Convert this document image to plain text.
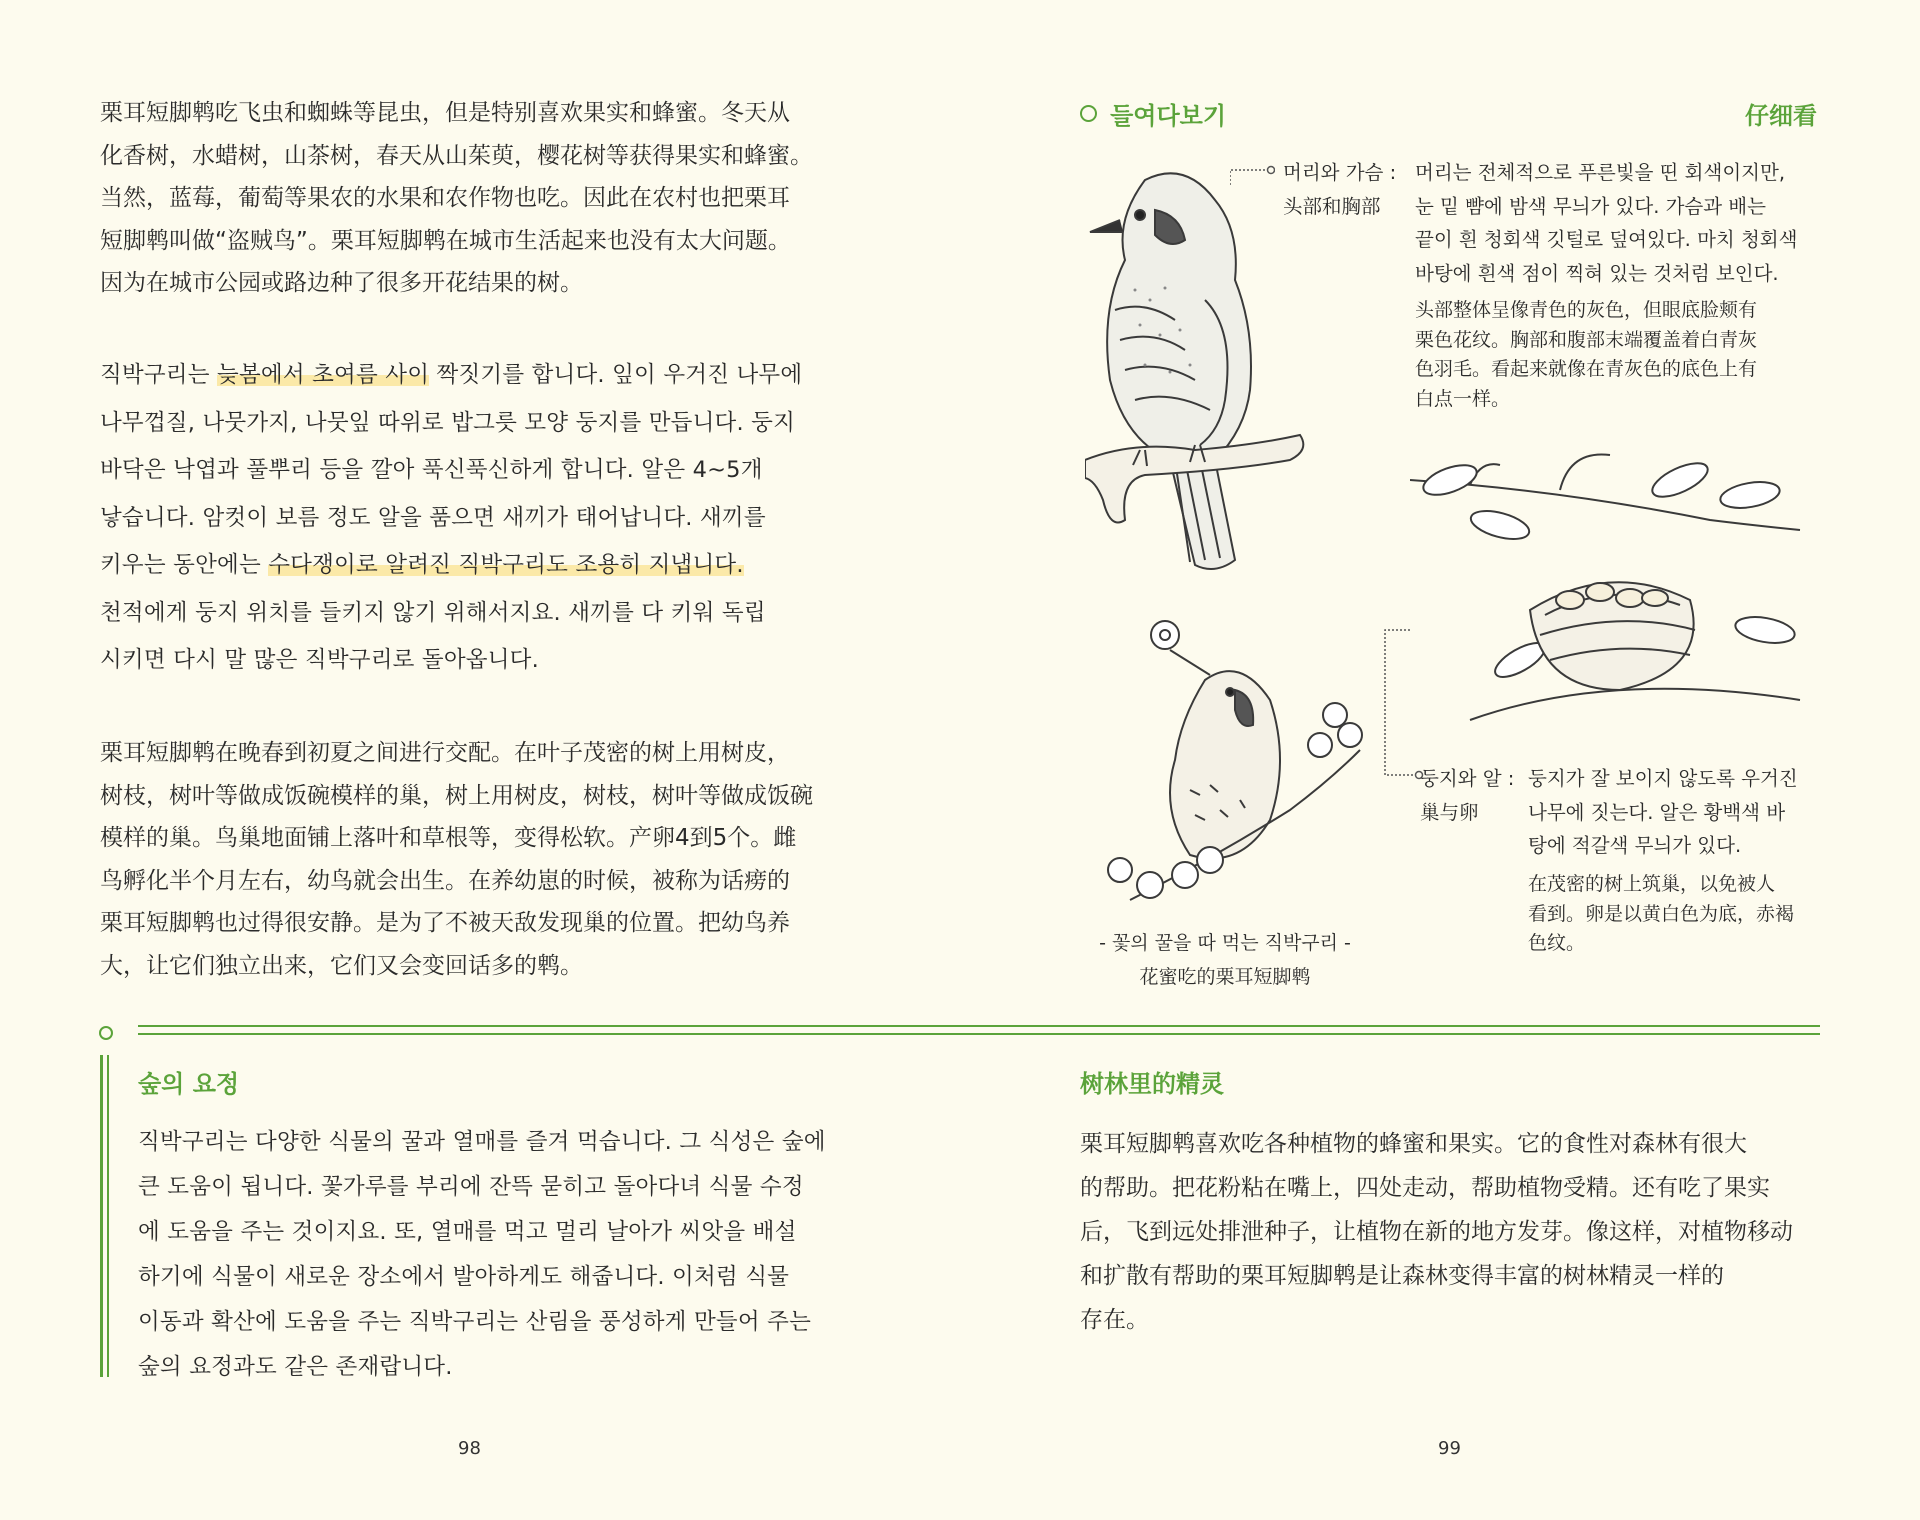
栗耳短脚鹎吃飞虫和蜘蛛等昆虫，但是特别喜欢果实和蜂蜜。冬天从

化香树，水蜡树，山茶树，春天从山茱萸，樱花树等获得果实和蜂蜜。

当然，蓝莓，葡萄等果农的水果和农作物也吃。因此在农村也把栗耳

短脚鹎叫做“盗贼鸟”。栗耳短脚鹎在城市生活起来也没有太大问题。

因为在城市公园或路边种了很多开花结果的树。

직박구리는 늦봄에서 초여름 사이 짝짓기를 합니다. 잎이 우거진 나무에

나무껍질, 나뭇가지, 나뭇잎 따위로 밥그릇 모양 둥지를 만듭니다. 둥지

바닥은 낙엽과 풀뿌리 등을 깔아 푹신푹신하게 합니다. 알은 4~5개

낳습니다. 암컷이 보름 정도 알을 품으면 새끼가 태어납니다. 새끼를

키우는 동안에는 수다쟁이로 알려진 직박구리도 조용히 지냅니다.

천적에게 둥지 위치를 들키지 않기 위해서지요. 새끼를 다 키워 독립

시키면 다시 말 많은 직박구리로 돌아옵니다.

栗耳短脚鹎在晚春到初夏之间进行交配。在叶子茂密的树上用树皮，

树枝，树叶等做成饭碗模样的巢，树上用树皮，树枝，树叶等做成饭碗

模样的巢。鸟巢地面铺上落叶和草根等，变得松软。产卵4到5个。雌

鸟孵化半个月左右，幼鸟就会出生。在养幼崽的时候，被称为话痨的

栗耳短脚鹎也过得很安静。是为了不被天敌发现巢的位置。把幼鸟养

大，让它们独立出来，它们又会变回话多的鹎。

숲의 요정

직박구리는 다양한 식물의 꿀과 열매를 즐겨 먹습니다. 그 식성은 숲에

큰 도움이 됩니다. 꽃가루를 부리에 잔뜩 묻히고 돌아다녀 식물 수정

에 도움을 주는 것이지요. 또, 열매를 먹고 멀리 날아가 씨앗을 배설

하기에 식물이 새로운 장소에서 발아하게도 해줍니다. 이처럼 식물

이동과 확산에 도움을 주는 직박구리는 산림을 풍성하게 만들어 주는

숲의 요정과도 같은 존재랍니다.

98
들여다보기	仔细看
머리와 가슴 :
头部和胸部
머리는 전체적으로 푸른빛을 띤 회색이지만,
눈 밑 뺨에 밤색 무늬가 있다. 가슴과 배는
끝이 흰 청회색 깃털로 덮여있다. 마치 청회색
바탕에 흰색 점이 찍혀 있는 것처럼 보인다.
头部整体呈像青色的灰色，但眼底脸颊有
栗色花纹。胸部和腹部末端覆盖着白青灰
色羽毛。看起来就像在青灰色的底色上有
白点一样。
둥지와 알 :
巢与卵
둥지가 잘 보이지 않도록 우거진
나무에 짓는다. 알은 황백색 바
탕에 적갈색 무늬가 있다.
在茂密的树上筑巢，以免被人
看到。卵是以黄白色为底，赤褐
色纹。
- 꽃의 꿀을 따 먹는 직박구리 -
花蜜吃的栗耳短脚鹎
树林里的精灵

栗耳短脚鹎喜欢吃各种植物的蜂蜜和果实。它的食性对森林有很大

的帮助。把花粉粘在嘴上，四处走动，帮助植物受精。还有吃了果实

后，飞到远处排泄种子，让植物在新的地方发芽。像这样，对植物移动

和扩散有帮助的栗耳短脚鹎是让森林变得丰富的树林精灵一样的

存在。

99
